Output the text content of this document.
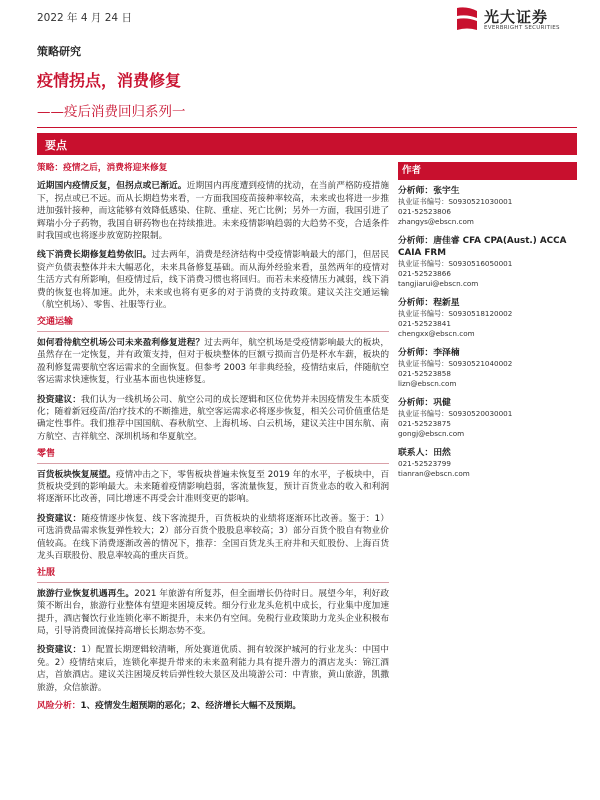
2022 年 4 月 24 日	光大证券
EVERBRIGHT SECURITIES
策略研究
疫情拐点，消费修复
——疫后消费回归系列一
要点

策略：疫情之后，消费将迎来修复

近期国内疫情反复，但拐点或已渐近。近期国内再度遭到疫情的扰动，在当前严格防疫措施下，拐点或已不远。而从长期趋势来看，一方面我国疫苗接种率较高，未来或也将进一步推进加强针接种，而这能够有效降低感染、住院、重症、死亡比例；另外一方面，我国引进了辉瑞小分子药物，我国自研药物也在持续推进。未来疫情影响趋弱的大趋势不变，合适条件时我国或也将逐步放宽防控限制。

线下消费长期修复趋势依旧。过去两年，消费是经济结构中受疫情影响最大的部门，但居民资产负债表整体并未大幅恶化，未来具备修复基础。而从海外经验来看，虽然两年的疫情对生活方式有所影响，但疫情过后，线下消费习惯也将回归。而若未来疫情压力减弱，线下消费的恢复也将加速。此外，未来或也将有更多的对于消费的支持政策。建议关注交通运输（航空机场）、零售、社服等行业。

交通运输

如何看待航空机场公司未来盈利修复进程？过去两年，航空机场是受疫情影响最大的板块，虽然存在一定恢复，并有政策支持，但对于板块整体的巨额亏损而言仍是杯水车薪，板块的盈利修复需要航空客运需求的全面恢复。但参考 2003 年非典经验，疫情结束后，伴随航空客运需求快速恢复，行业基本面也快速修复。

投资建议：我们认为一线机场公司、航空公司的成长逻辑和区位优势并未因疫情发生本质变化；随着新冠疫苗/治疗技术的不断推进，航空客运需求必将逐步恢复，相关公司价值重估是确定性事件。我们推荐中国国航、春秋航空、上海机场、白云机场，建议关注中国东航、南方航空、吉祥航空、深圳机场和华夏航空。

零售

百货板块恢复展望。疫情冲击之下，零售板块普遍未恢复至 2019 年的水平，子板块中，百货板块受到的影响最大。未来随着疫情影响趋弱，客流量恢复，预计百货业态的收入和利润将逐渐环比改善，同比增速不再受会计准则变更的影响。

投资建议：随疫情逐步恢复、线下客流提升，百货板块的业绩将逐渐环比改善。鉴于：1）可选消费品需求恢复弹性较大；2）部分百货个股股息率较高；3）部分百货个股自有物业价值较高。在线下消费逐渐改善的情况下，推荐：全国百货龙头王府井和天虹股份、上海百货龙头百联股份、股息率较高的重庆百货。

社服

旅游行业恢复机遇再生。2021 年旅游有所复苏，但全面增长仍待时日。展望今年，利好政策不断出台，旅游行业整体有望迎来困境反转。细分行业龙头危机中成长，行业集中度加速提升，酒店餐饮行业连锁化率不断提升，未来仍有空间。免税行业政策助力龙头企业积极布局，引导消费回流保持高增长长期态势不变。

投资建议：1）配置长期逻辑较清晰，所处赛道优质、拥有较深护城河的行业龙头：中国中免。2）疫情结束后，连锁化率提升带来的未来盈利能力具有提升潜力的酒店龙头：锦江酒店，首旅酒店。建议关注困境反转后弹性较大景区及出境游公司：中青旅，黄山旅游，凯撒旅游，众信旅游。

风险分析：1、疫情发生超预期的恶化；2、经济增长大幅不及预期。

作者
分析师：张宇生
执业证书编号：S0930521030001
021-52523806
zhangys@ebscn.com
分析师：唐佳睿 CFA CPA(Aust.) ACCA CAIA FRM
执业证书编号：S0930516050001
021-52523866
tangjiarui@ebscn.com
分析师：程新星
执业证书编号：S0930518120002
021-52523841
chengxx@ebscn.com
分析师：李泽楠
执业证书编号：S0930521040002
021-52523858
lizn@ebscn.com
分析师：巩健
执业证书编号：S0930520030001
021-52523875
gongj@ebscn.com
联系人：田然
021-52523799
tianran@ebscn.com
